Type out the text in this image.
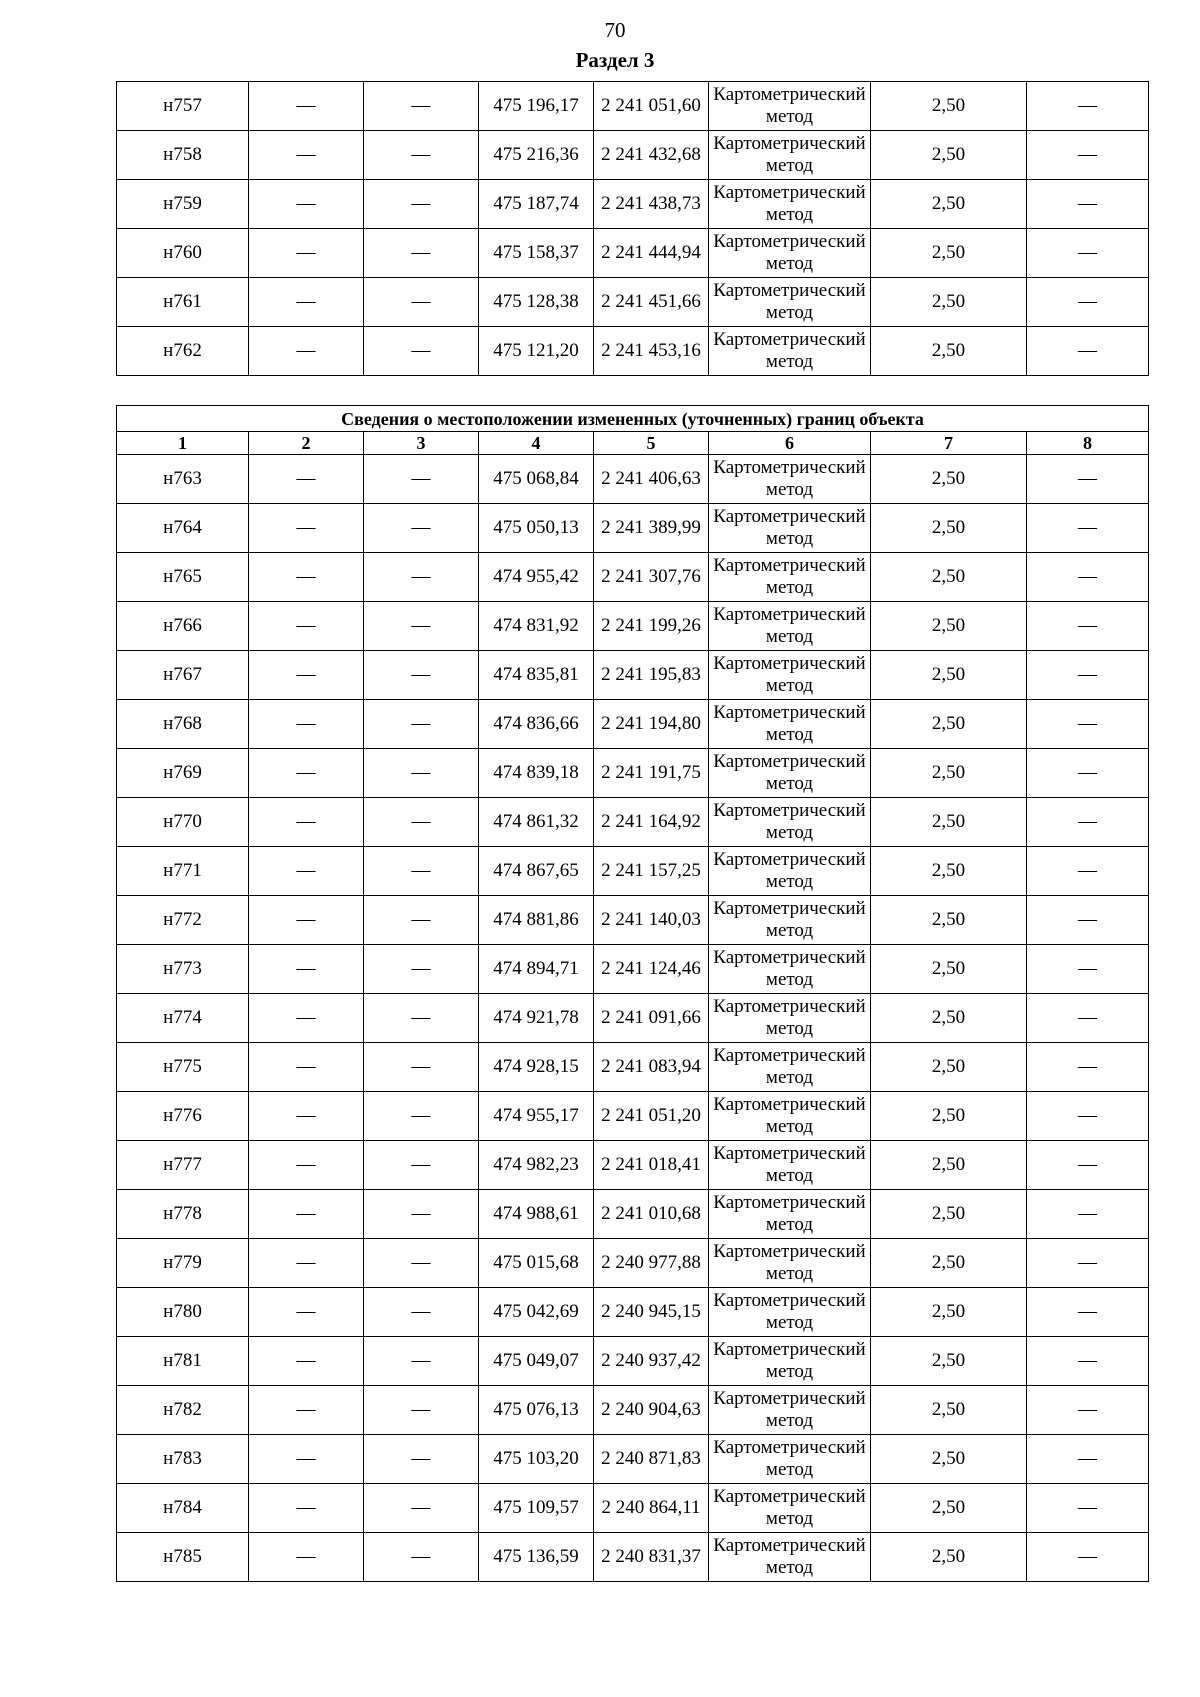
70
Раздел 3
н757	—	—	475 196,17	2 241 051,60	Картометрический метод	2,50	—
н758	—	—	475 216,36	2 241 432,68	Картометрический метод	2,50	—
н759	—	—	475 187,74	2 241 438,73	Картометрический метод	2,50	—
н760	—	—	475 158,37	2 241 444,94	Картометрический метод	2,50	—
н761	—	—	475 128,38	2 241 451,66	Картометрический метод	2,50	—
н762	—	—	475 121,20	2 241 453,16	Картометрический метод	2,50	—
Сведения о местоположении измененных (уточненных) границ объекта							
1	2	3	4	5	6	7	8
н763	—	—	475 068,84	2 241 406,63	Картометрический метод	2,50	—
н764	—	—	475 050,13	2 241 389,99	Картометрический метод	2,50	—
н765	—	—	474 955,42	2 241 307,76	Картометрический метод	2,50	—
н766	—	—	474 831,92	2 241 199,26	Картометрический метод	2,50	—
н767	—	—	474 835,81	2 241 195,83	Картометрический метод	2,50	—
н768	—	—	474 836,66	2 241 194,80	Картометрический метод	2,50	—
н769	—	—	474 839,18	2 241 191,75	Картометрический метод	2,50	—
н770	—	—	474 861,32	2 241 164,92	Картометрический метод	2,50	—
н771	—	—	474 867,65	2 241 157,25	Картометрический метод	2,50	—
н772	—	—	474 881,86	2 241 140,03	Картометрический метод	2,50	—
н773	—	—	474 894,71	2 241 124,46	Картометрический метод	2,50	—
н774	—	—	474 921,78	2 241 091,66	Картометрический метод	2,50	—
н775	—	—	474 928,15	2 241 083,94	Картометрический метод	2,50	—
н776	—	—	474 955,17	2 241 051,20	Картометрический метод	2,50	—
н777	—	—	474 982,23	2 241 018,41	Картометрический метод	2,50	—
н778	—	—	474 988,61	2 241 010,68	Картометрический метод	2,50	—
н779	—	—	475 015,68	2 240 977,88	Картометрический метод	2,50	—
н780	—	—	475 042,69	2 240 945,15	Картометрический метод	2,50	—
н781	—	—	475 049,07	2 240 937,42	Картометрический метод	2,50	—
н782	—	—	475 076,13	2 240 904,63	Картометрический метод	2,50	—
н783	—	—	475 103,20	2 240 871,83	Картометрический метод	2,50	—
н784	—	—	475 109,57	2 240 864,11	Картометрический метод	2,50	—
н785	—	—	475 136,59	2 240 831,37	Картометрический метод	2,50	—
